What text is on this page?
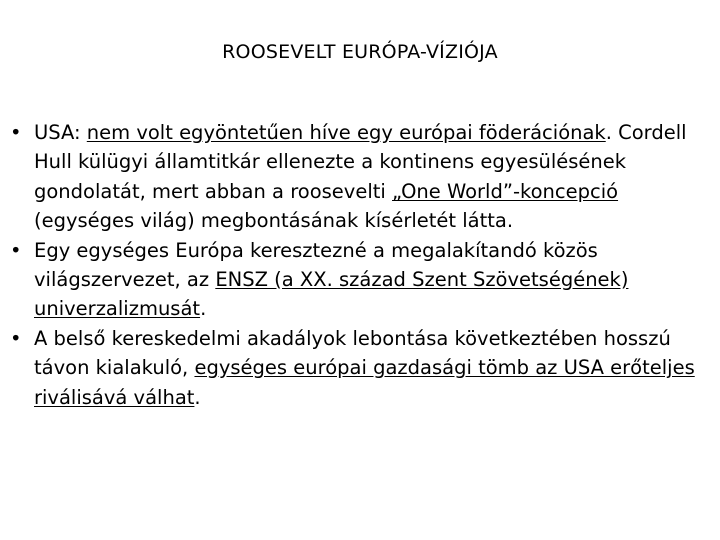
ROOSEVELT EURÓPA-VÍZIÓJA
• USA: nem volt egyöntetűen híve egy európai föderációnak. Cordell Hull külügyi államtitkár ellenezte a kontinens egyesülésének gondolatát, mert abban a roosevelti „One World”-koncepció (egységes világ) megbontásának kísérletét látta.
• Egy egységes Európa keresztezné a megalakítandó közös világszervezet, az ENSZ (a XX. század Szent Szövetségének) univerzalizmusát.
• A belső kereskedelmi akadályok lebontása következtében hosszú távon kialakuló, egységes európai gazdasági tömb az USA erőteljes riválisává válhat.
